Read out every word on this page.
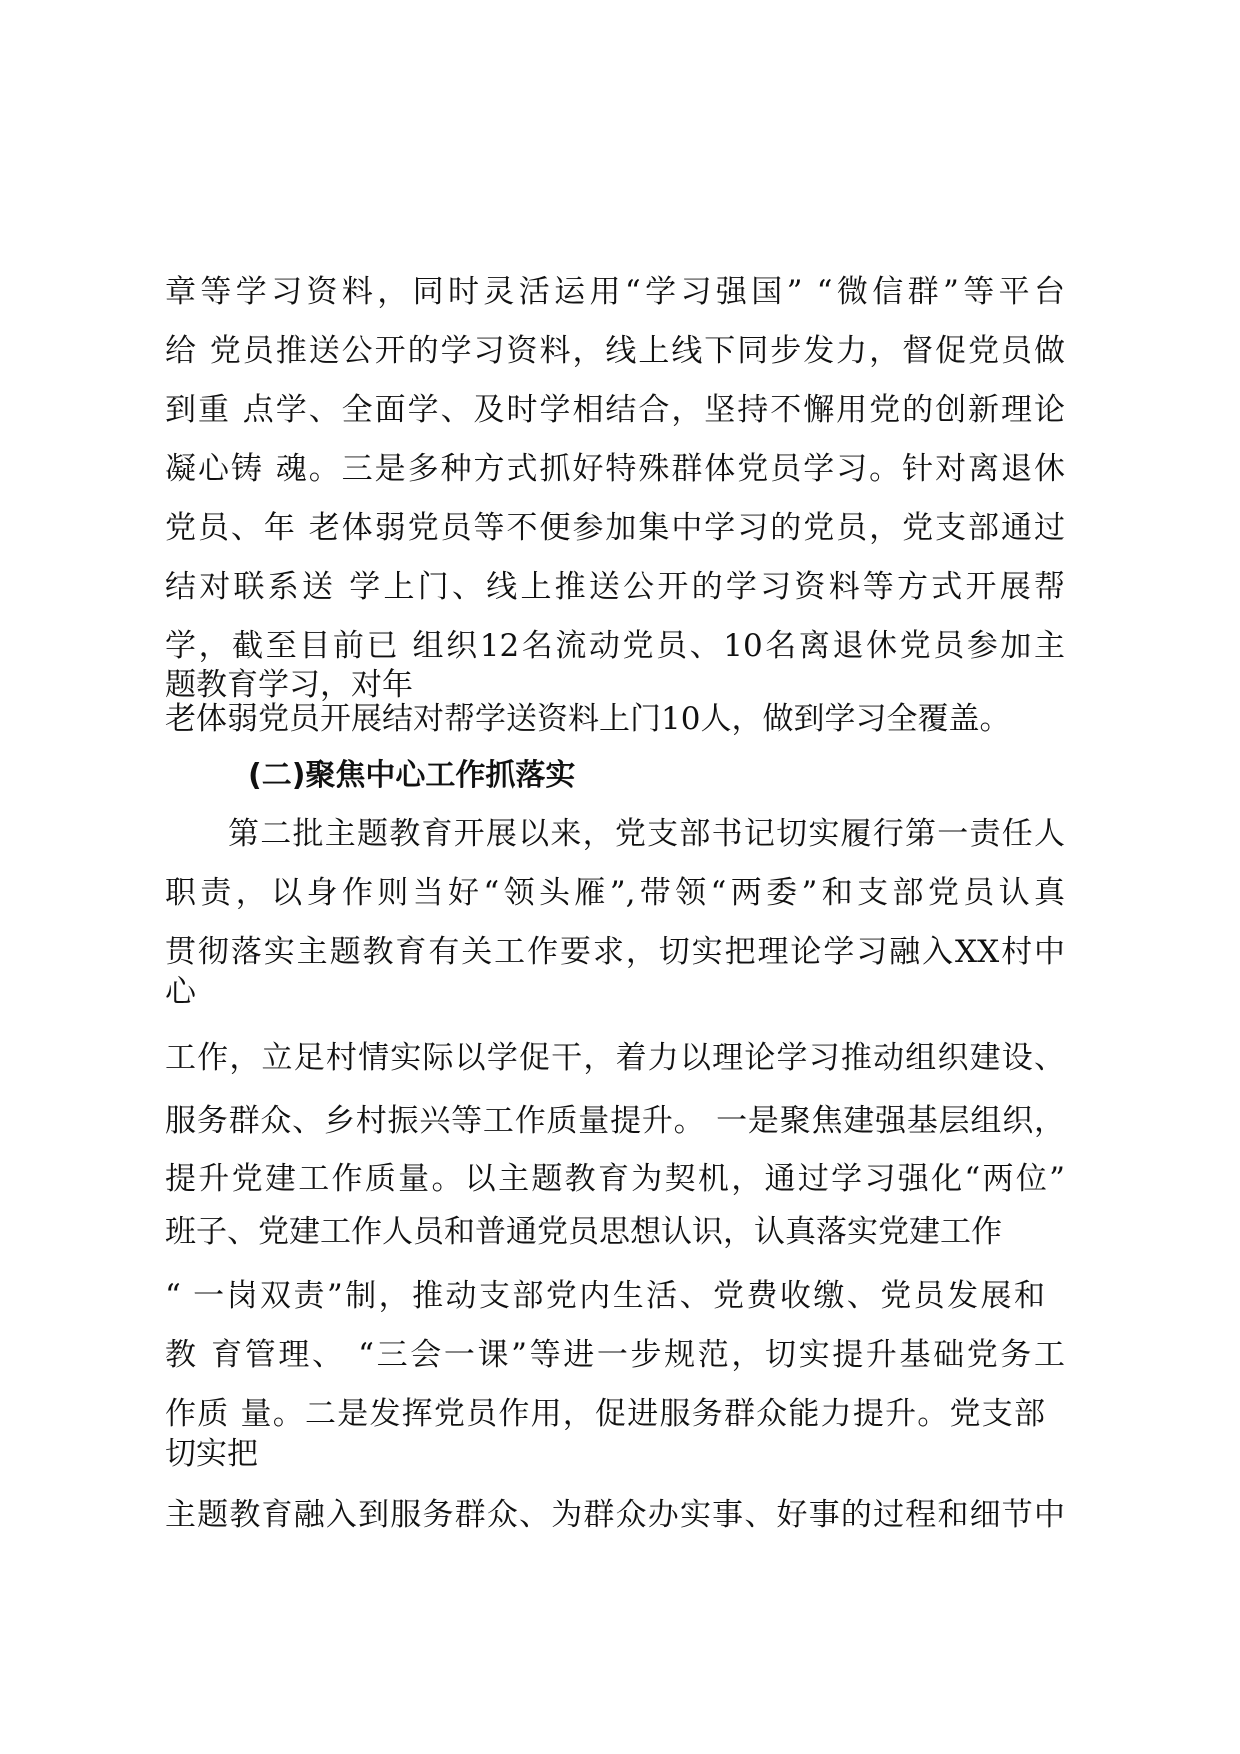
章等学习资料，同时灵活运用“学习强国” “微信群”等平台
给 党员推送公开的学习资料，线上线下同步发力，督促党员做
到重 点学、全面学、及时学相结合，坚持不懈用党的创新理论
凝心铸 魂。三是多种方式抓好特殊群体党员学习。针对离退休
党员、年 老体弱党员等不便参加集中学习的党员，党支部通过
结对联系送 学上门、线上推送公开的学习资料等方式开展帮
学，截至目前已 组织12名流动党员、10名离退休党员参加主
题教育学习，对年
老体弱党员开展结对帮学送资料上门10人，做到学习全覆盖。
(二)聚焦中心工作抓落实
第二批主题教育开展以来，党支部书记切实履行第一责任人
职责，以身作则当好“领头雁”,带领“两委”和支部党员认真
贯彻落实主题教育有关工作要求，切实把理论学习融入XX村中
心
工作，立足村情实际以学促干，着力以理论学习推动组织建设、
服务群众、乡村振兴等工作质量提升。 一是聚焦建强基层组织，
提升党建工作质量。以主题教育为契机，通过学习强化“两位”
班子、党建工作人员和普通党员思想认识，认真落实党建工作
“ 一岗双责”制，推动支部党内生活、党费收缴、党员发展和
教 育管理、 “三会一课”等进一步规范，切实提升基础党务工
作质 量。二是发挥党员作用，促进服务群众能力提升。党支部
切实把
主题教育融入到服务群众、为群众办实事、好事的过程和细节中
